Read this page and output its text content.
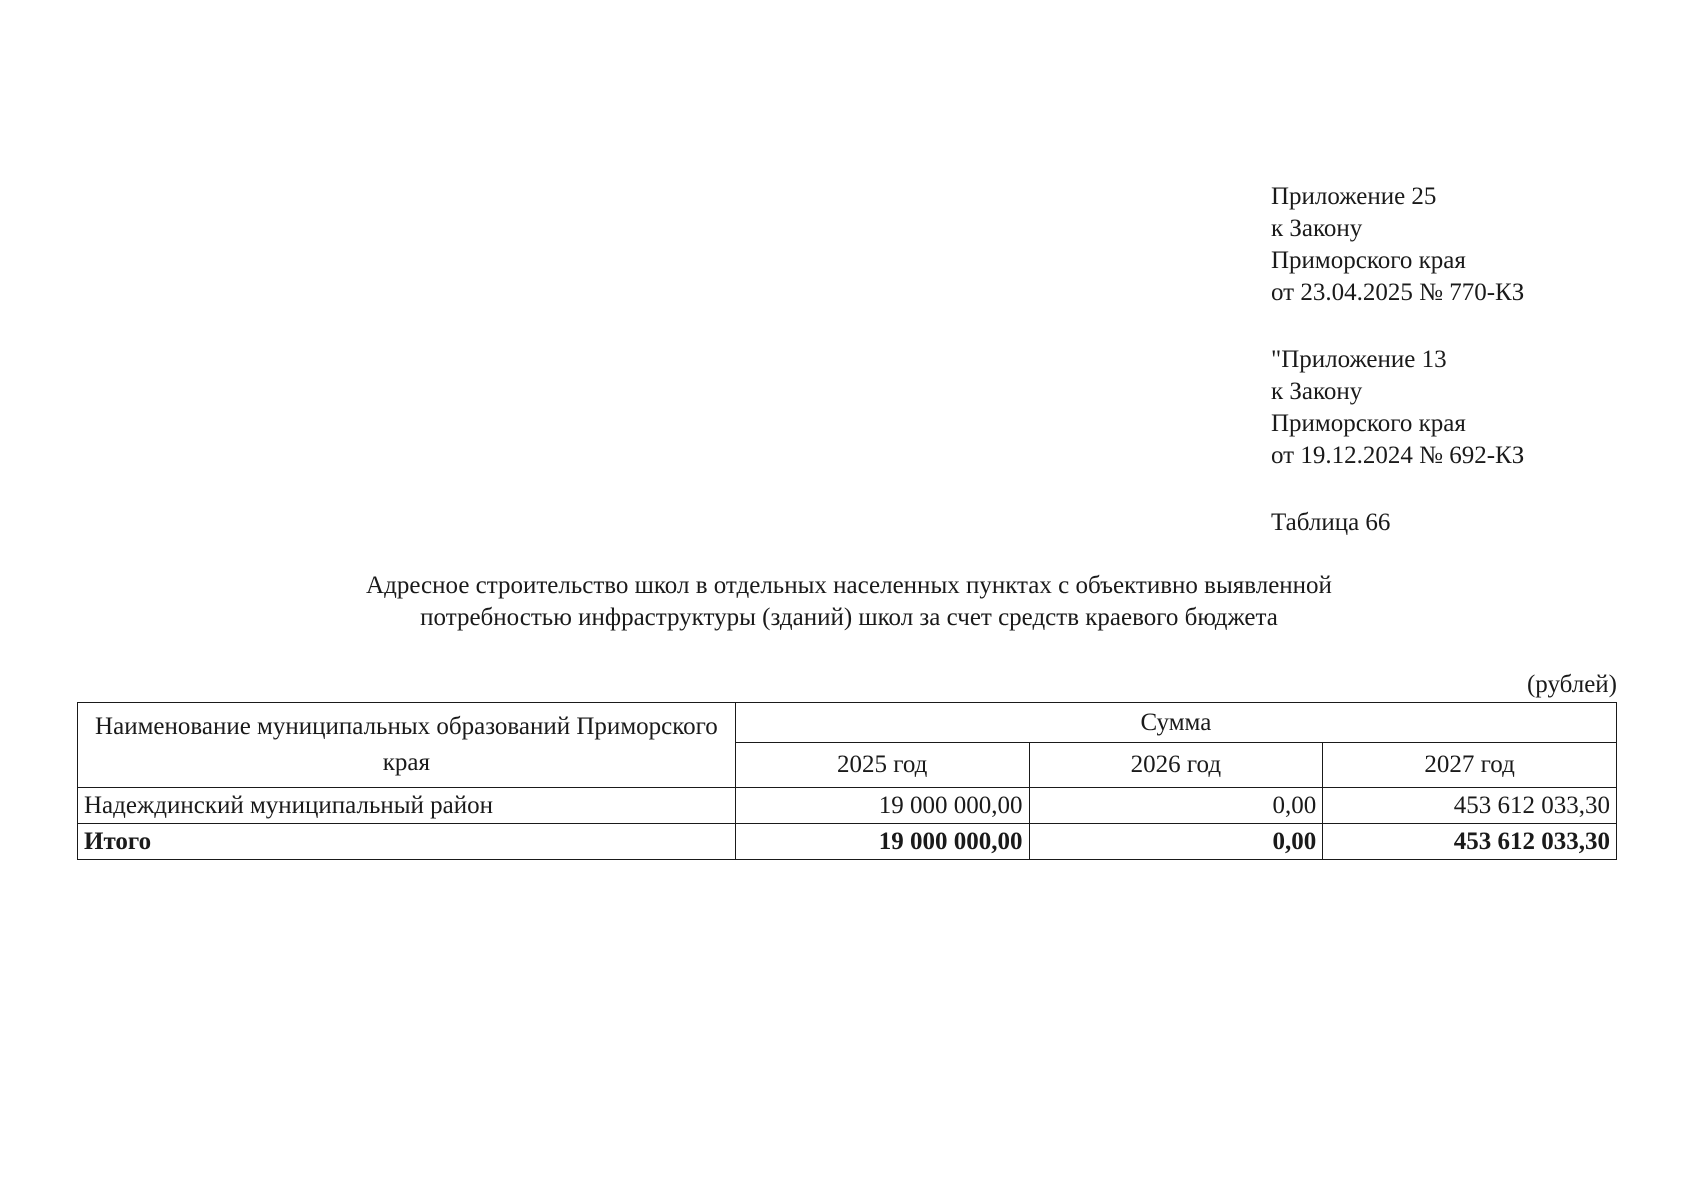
Приложение 25
к Закону
Приморского края
от 23.04.2025 № 770-КЗ
"Приложение 13
к Закону
Приморского края
от 19.12.2024 № 692-КЗ
Таблица 66
Адресное строительство школ в отдельных населенных пунктах с объективно выявленной
потребностью инфраструктуры (зданий) школ за счет средств краевого бюджета
(рублей)
Наименование муниципальных образований Приморского края	Сумма		
	2025 год	2026 год	2027 год
Надеждинский муниципальный район	19 000 000,00	0,00	453 612 033,30
Итого	19 000 000,00	0,00	453 612 033,30
